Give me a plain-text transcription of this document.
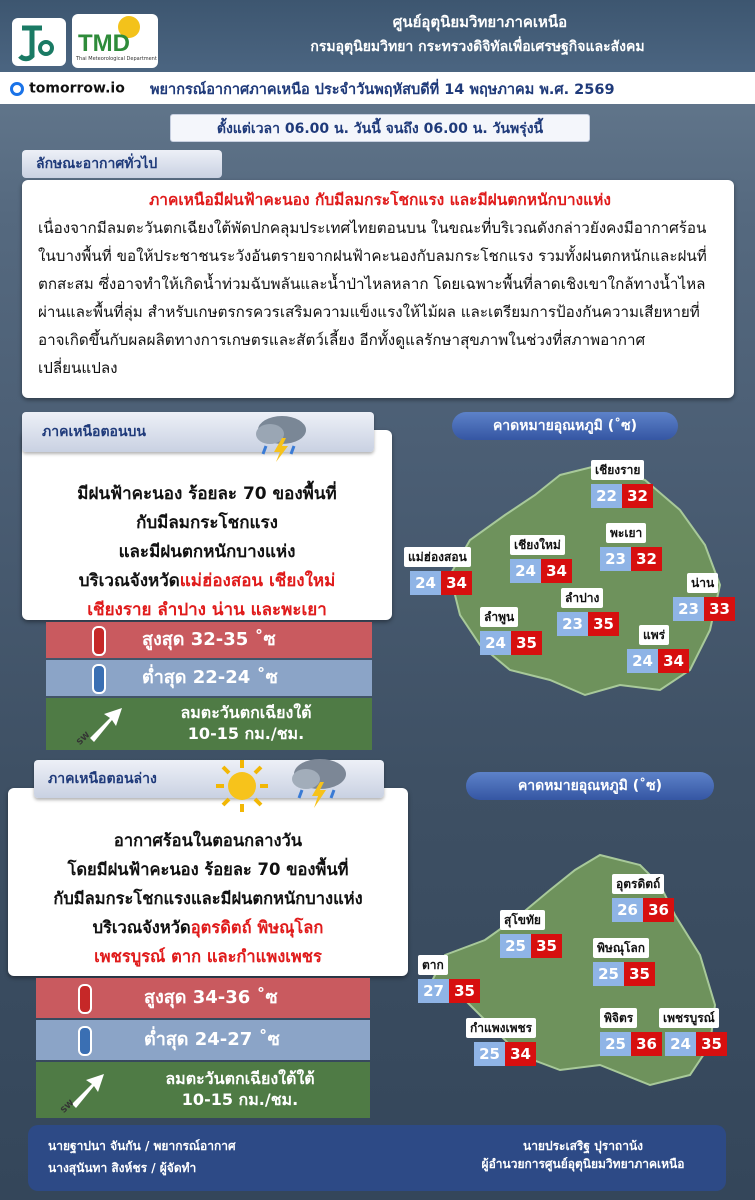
TMD
Thai Meteorological Department
ศูนย์อุตุนิยมวิทยาภาคเหนือ
กรมอุตุนิยมวิทยา กระทรวงดิจิทัลเพื่อเศรษฐกิจและสังคม
tomorrow.io	พยากรณ์อากาศภาคเหนือ ประจำวันพฤหัสบดีที่ 14 พฤษภาคม พ.ศ. 2569
ตั้งแต่เวลา 06.00 น. วันนี้ จนถึง 06.00 น. วันพรุ่งนี้
ลักษณะอากาศทั่วไป
ภาคเหนือมีฝนฟ้าคะนอง กับมีลมกระโชกแรง และมีฝนตกหนักบางแห่ง
เนื่องจากมีลมตะวันตกเฉียงใต้พัดปกคลุมประเทศไทยตอนบน ในขณะที่บริเวณดังกล่าวยังคงมีอากาศร้อนในบางพื้นที่ ขอให้ประชาชนระวังอันตรายจากฝนฟ้าคะนองกับลมกระโชกแรง รวมทั้งฝนตกหนักและฝนที่ตกสะสม ซึ่งอาจทำให้เกิดน้ำท่วมฉับพลันและน้ำป่าไหลหลาก โดยเฉพาะพื้นที่ลาดเชิงเขาใกล้ทางน้ำไหลผ่านและพื้นที่ลุ่ม สำหรับเกษตรกรควรเสริมความแข็งแรงให้ไม้ผล และเตรียมการป้องกันความเสียหายที่อาจเกิดขึ้นกับผลผลิตทางการเกษตรและสัตว์เลี้ยง อีกทั้งดูแลรักษาสุขภาพในช่วงที่สภาพอากาศเปลี่ยนแปลง
ภาคเหนือตอนบน
มีฝนฟ้าคะนอง ร้อยละ 70 ของพื้นที่
กับมีลมกระโชกแรง
และมีฝนตกหนักบางแห่ง
บริเวณจังหวัดแม่ฮ่องสอน เชียงใหม่
เชียงราย ลำปาง น่าน และพะเยา
สูงสุด 32-35 ˚ซ
ต่ำสุด 22-24 ˚ซ
SW
ลมตะวันตกเฉียงใต้
10-15 กม./ชม.
คาดหมายอุณหภูมิ (˚ซ)
เชียงราย
22 32
แม่ฮ่องสอน
24 34
เชียงใหม่
24 34
พะเยา
23 32
น่าน
23 33
ลำพูน
24 35
ลำปาง
23 35
แพร่
24 34
ภาคเหนือตอนล่าง
อากาศร้อนในตอนกลางวัน
โดยมีฝนฟ้าคะนอง ร้อยละ 70 ของพื้นที่
กับมีลมกระโชกแรงและมีฝนตกหนักบางแห่ง
บริเวณจังหวัดอุตรดิตถ์ พิษณุโลก
เพชรบูรณ์ ตาก และกำแพงเพชร
สูงสุด 34-36 ˚ซ
ต่ำสุด 24-27 ˚ซ
SW
ลมตะวันตกเฉียงใต้ใต้
10-15 กม./ชม.
คาดหมายอุณหภูมิ (˚ซ)
อุตรดิตถ์
26 36
สุโขทัย
25 35	พิษณุโลก
25 35
ตาก
27 35
กำแพงเพชร
25 34
พิจิตร
25 36
เพชรบูรณ์
24 35
นายฐาปนา จันกัน / พยากรณ์อากาศ
นางสุนันทา สิงห์ชร / ผู้จัดทำ
นายประเสริฐ ปุราถาน้ง
ผู้อำนวยการศูนย์อุตุนิยมวิทยาภาคเหนือ
